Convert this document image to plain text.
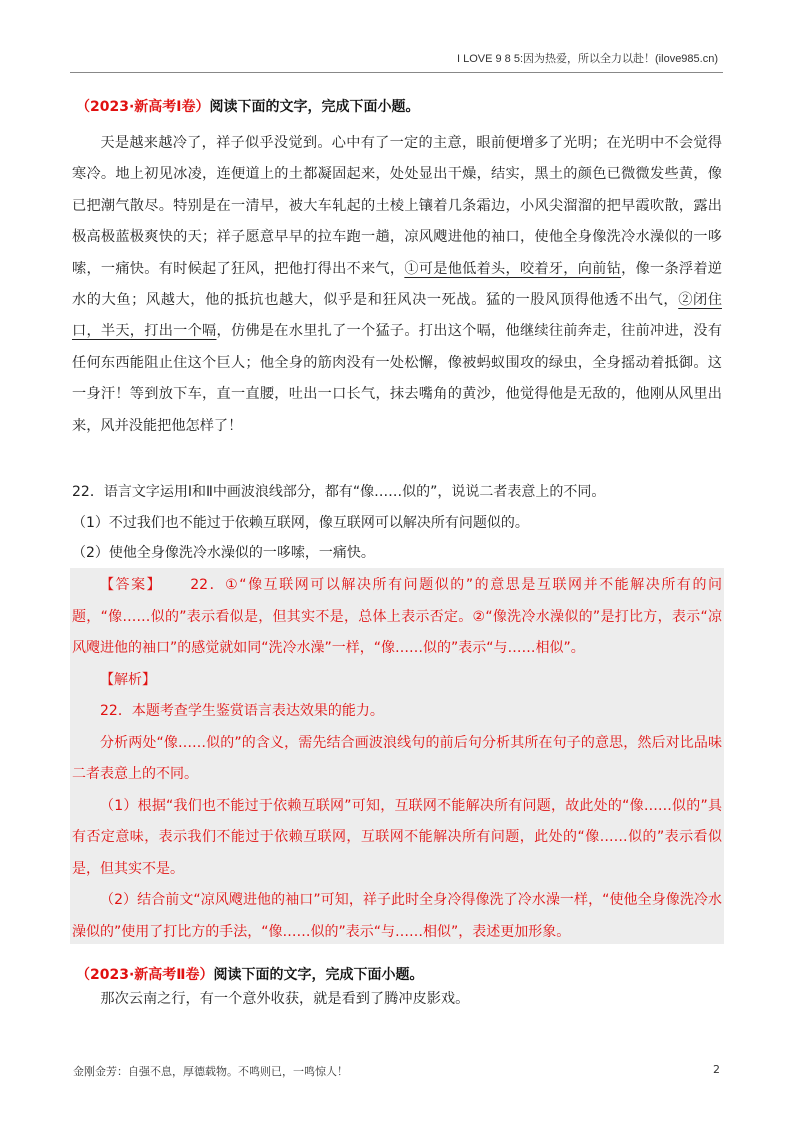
I LOVE 9 8 5:因为热爱，所以全力以赴！(ilove985.cn)
（2023·新高考Ⅰ卷）阅读下面的文字，完成下面小题。

天是越来越冷了，祥子似乎没觉到。心中有了一定的主意，眼前便增多了光明；在光明中不会觉得寒冷。地上初见冰凌，连便道上的土都凝固起来，处处显出干燥，结实，黑土的颜色已微微发些黄，像已把潮气散尽。特别是在一清早，被大车轧起的土棱上镶着几条霜边，小风尖溜溜的把早霞吹散，露出极高极蓝极爽快的天；祥子愿意早早的拉车跑一趟，凉风飕进他的袖口，使他全身像洗冷水澡似的一哆嗦，一痛快。有时候起了狂风，把他打得出不来气，①可是他低着头，咬着牙，向前钻，像一条浮着逆水的大鱼；风越大，他的抵抗也越大，似乎是和狂风决一死战。猛的一股风顶得他透不出气，②闭住口，半天，打出一个嗝，仿佛是在水里扎了一个猛子。打出这个嗝，他继续往前奔走，往前冲进，没有任何东西能阻止住这个巨人；他全身的筋肉没有一处松懈，像被蚂蚁围攻的绿虫，全身摇动着抵御。这一身汗！等到放下车，直一直腰，吐出一口长气，抹去嘴角的黄沙，他觉得他是无敌的，他刚从风里出来，风并没能把他怎样了！

22．语言文字运用Ⅰ和Ⅱ中画波浪线部分，都有“像……似的”，说说二者表意上的不同。
（1）不过我们也不能过于依赖互联网，像互联网可以解决所有问题似的。
（2）使他全身像洗冷水澡似的一哆嗦，一痛快。

【答案】 22．①“像互联网可以解决所有问题似的”的意思是互联网并不能解决所有的问题，“像……似的”表示看似是，但其实不是，总体上表示否定。②“像洗冷水澡似的”是打比方，表示“凉风飕进他的袖口”的感觉就如同“洗冷水澡”一样，“像……似的”表示“与……相似”。

【解析】

22．本题考查学生鉴赏语言表达效果的能力。

分析两处“像……似的”的含义，需先结合画波浪线句的前后句分析其所在句子的意思，然后对比品味二者表意上的不同。

（1）根据“我们也不能过于依赖互联网”可知，互联网不能解决所有问题，故此处的“像……似的”具有否定意味，表示我们不能过于依赖互联网，互联网不能解决所有问题，此处的“像……似的”表示看似是，但其实不是。

（2）结合前文“凉风飕进他的袖口”可知，祥子此时全身冷得像洗了冷水澡一样，“使他全身像洗冷水澡似的”使用了打比方的手法，“像……似的”表示“与……相似”，表述更加形象。

（2023·新高考Ⅱ卷）阅读下面的文字，完成下面小题。

那次云南之行，有一个意外收获，就是看到了腾冲皮影戏。

金刚金芳：自强不息，厚德载物。不鸣则已，一鸣惊人！	2
